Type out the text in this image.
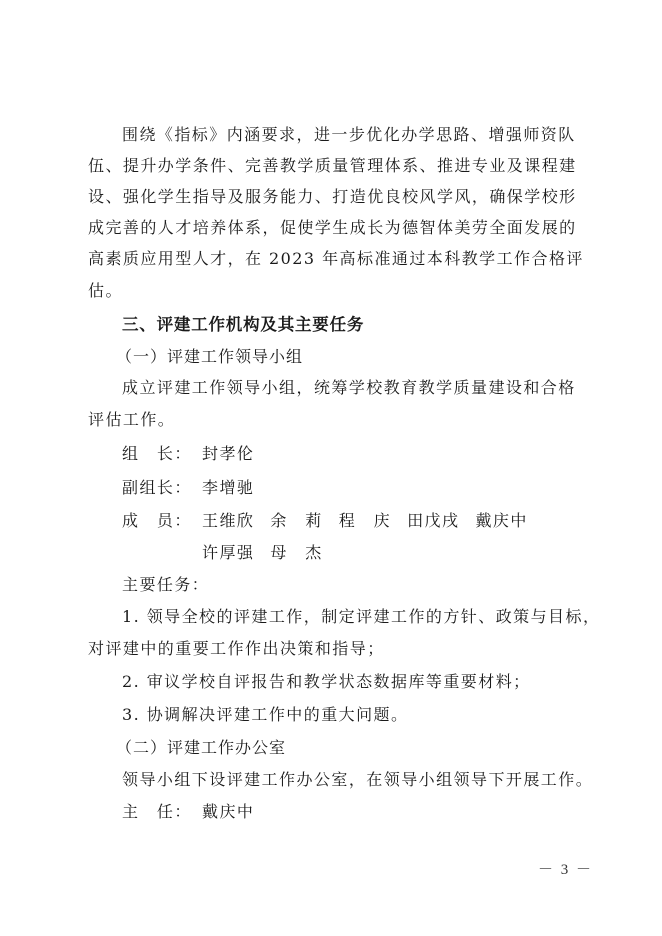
围绕《指标》内涵要求，进一步优化办学思路、增强师资队
伍、提升办学条件、完善教学质量管理体系、推进专业及课程建
设、强化学生指导及服务能力、打造优良校风学风，确保学校形
成完善的人才培养体系，促使学生成长为德智体美劳全面发展的
高素质应用型人才，在 2023 年高标准通过本科教学工作合格评
估。
三、评建工作机构及其主要任务
（一）评建工作领导小组
成立评建工作领导小组，统筹学校教育教学质量建设和合格
评估工作。
组　长： 封孝伦
副组长： 李增驰
成　员： 王维欣 余　莉 程　庆 田戊戌 戴庆中
许厚强 母　杰
主要任务：
1. 领导全校的评建工作，制定评建工作的方针、政策与目标，
对评建中的重要工作作出决策和指导；
2. 审议学校自评报告和教学状态数据库等重要材料；
3. 协调解决评建工作中的重大问题。
（二）评建工作办公室
领导小组下设评建工作办公室，在领导小组领导下开展工作。
主　任： 戴庆中
－ 3 －
